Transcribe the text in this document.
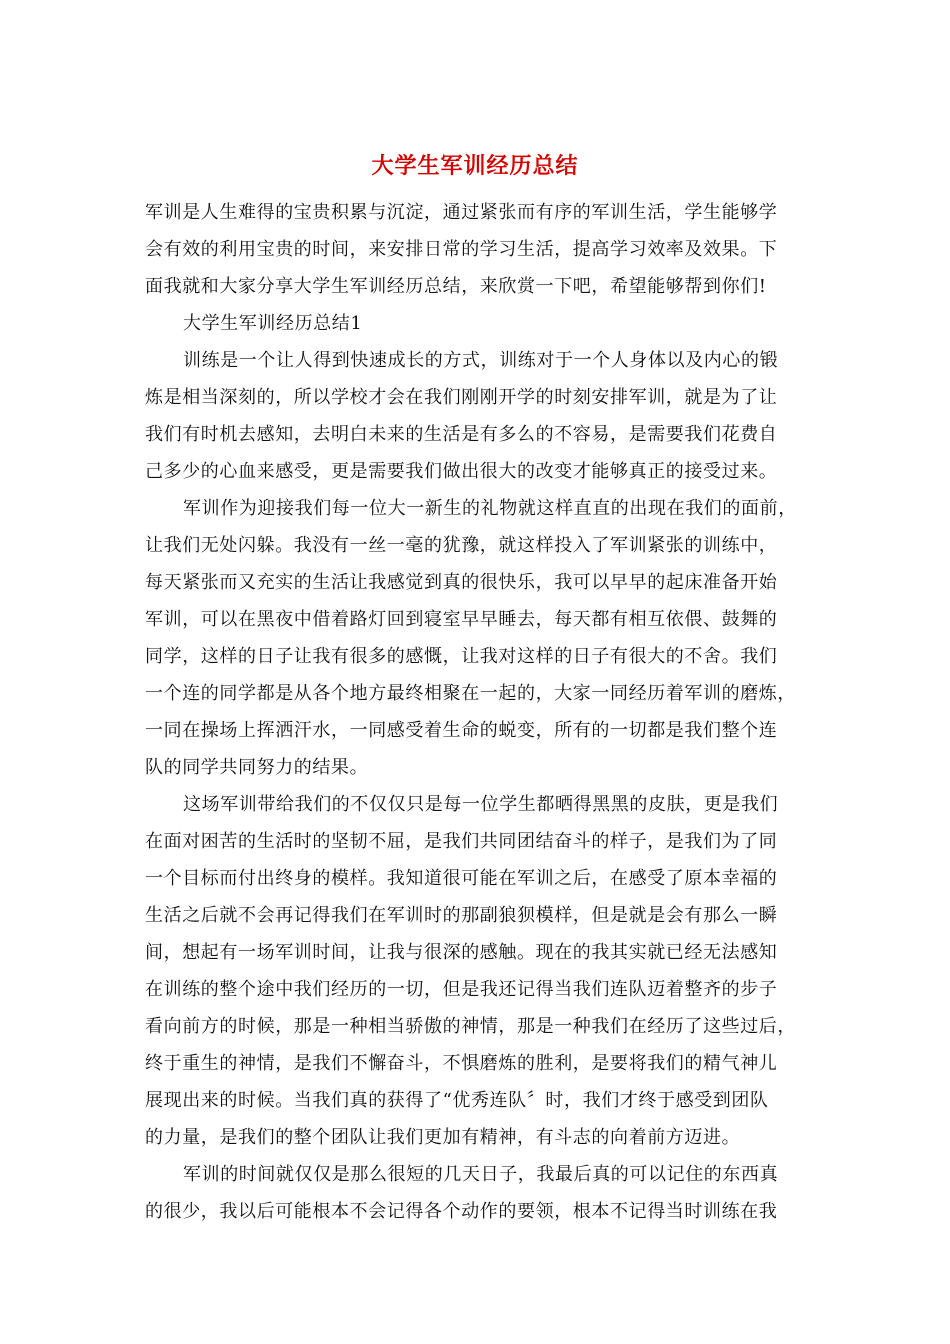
大学生军训经历总结
军训是人生难得的宝贵积累与沉淀，通过紧张而有序的军训生活，学生能够学
会有效的利用宝贵的时间，来安排日常的学习生活，提高学习效率及效果。下
面我就和大家分享大学生军训经历总结，来欣赏一下吧，希望能够帮到你们!
大学生军训经历总结1
训练是一个让人得到快速成长的方式，训练对于一个人身体以及内心的锻
炼是相当深刻的，所以学校才会在我们刚刚开学的时刻安排军训，就是为了让
我们有时机去感知，去明白未来的生活是有多么的不容易，是需要我们花费自
己多少的心血来感受，更是需要我们做出很大的改变才能够真正的接受过来。
军训作为迎接我们每一位大一新生的礼物就这样直直的出现在我们的面前，
让我们无处闪躲。我没有一丝一毫的犹豫，就这样投入了军训紧张的训练中，
每天紧张而又充实的生活让我感觉到真的很快乐，我可以早早的起床准备开始
军训，可以在黑夜中借着路灯回到寝室早早睡去，每天都有相互依偎、鼓舞的
同学，这样的日子让我有很多的感慨，让我对这样的日子有很大的不舍。我们
一个连的同学都是从各个地方最终相聚在一起的，大家一同经历着军训的磨炼，
一同在操场上挥洒汗水，一同感受着生命的蜕变，所有的一切都是我们整个连
队的同学共同努力的结果。
这场军训带给我们的不仅仅只是每一位学生都晒得黑黑的皮肤，更是我们
在面对困苦的生活时的坚韧不屈，是我们共同团结奋斗的样子，是我们为了同
一个目标而付出终身的模样。我知道很可能在军训之后，在感受了原本幸福的
生活之后就不会再记得我们在军训时的那副狼狈模样，但是就是会有那么一瞬
间，想起有一场军训时间，让我与很深的感触。现在的我其实就已经无法感知
在训练的整个途中我们经历的一切，但是我还记得当我们连队迈着整齐的步子
看向前方的时候，那是一种相当骄傲的神情，那是一种我们在经历了这些过后，
终于重生的神情，是我们不懈奋斗，不惧磨炼的胜利，是要将我们的精气神儿
展现出来的时候。当我们真的获得了“优秀连队〞时，我们才终于感受到团队
的力量，是我们的整个团队让我们更加有精神，有斗志的向着前方迈进。
军训的时间就仅仅是那么很短的几天日子，我最后真的可以记住的东西真
的很少，我以后可能根本不会记得各个动作的要领，根本不记得当时训练在我
